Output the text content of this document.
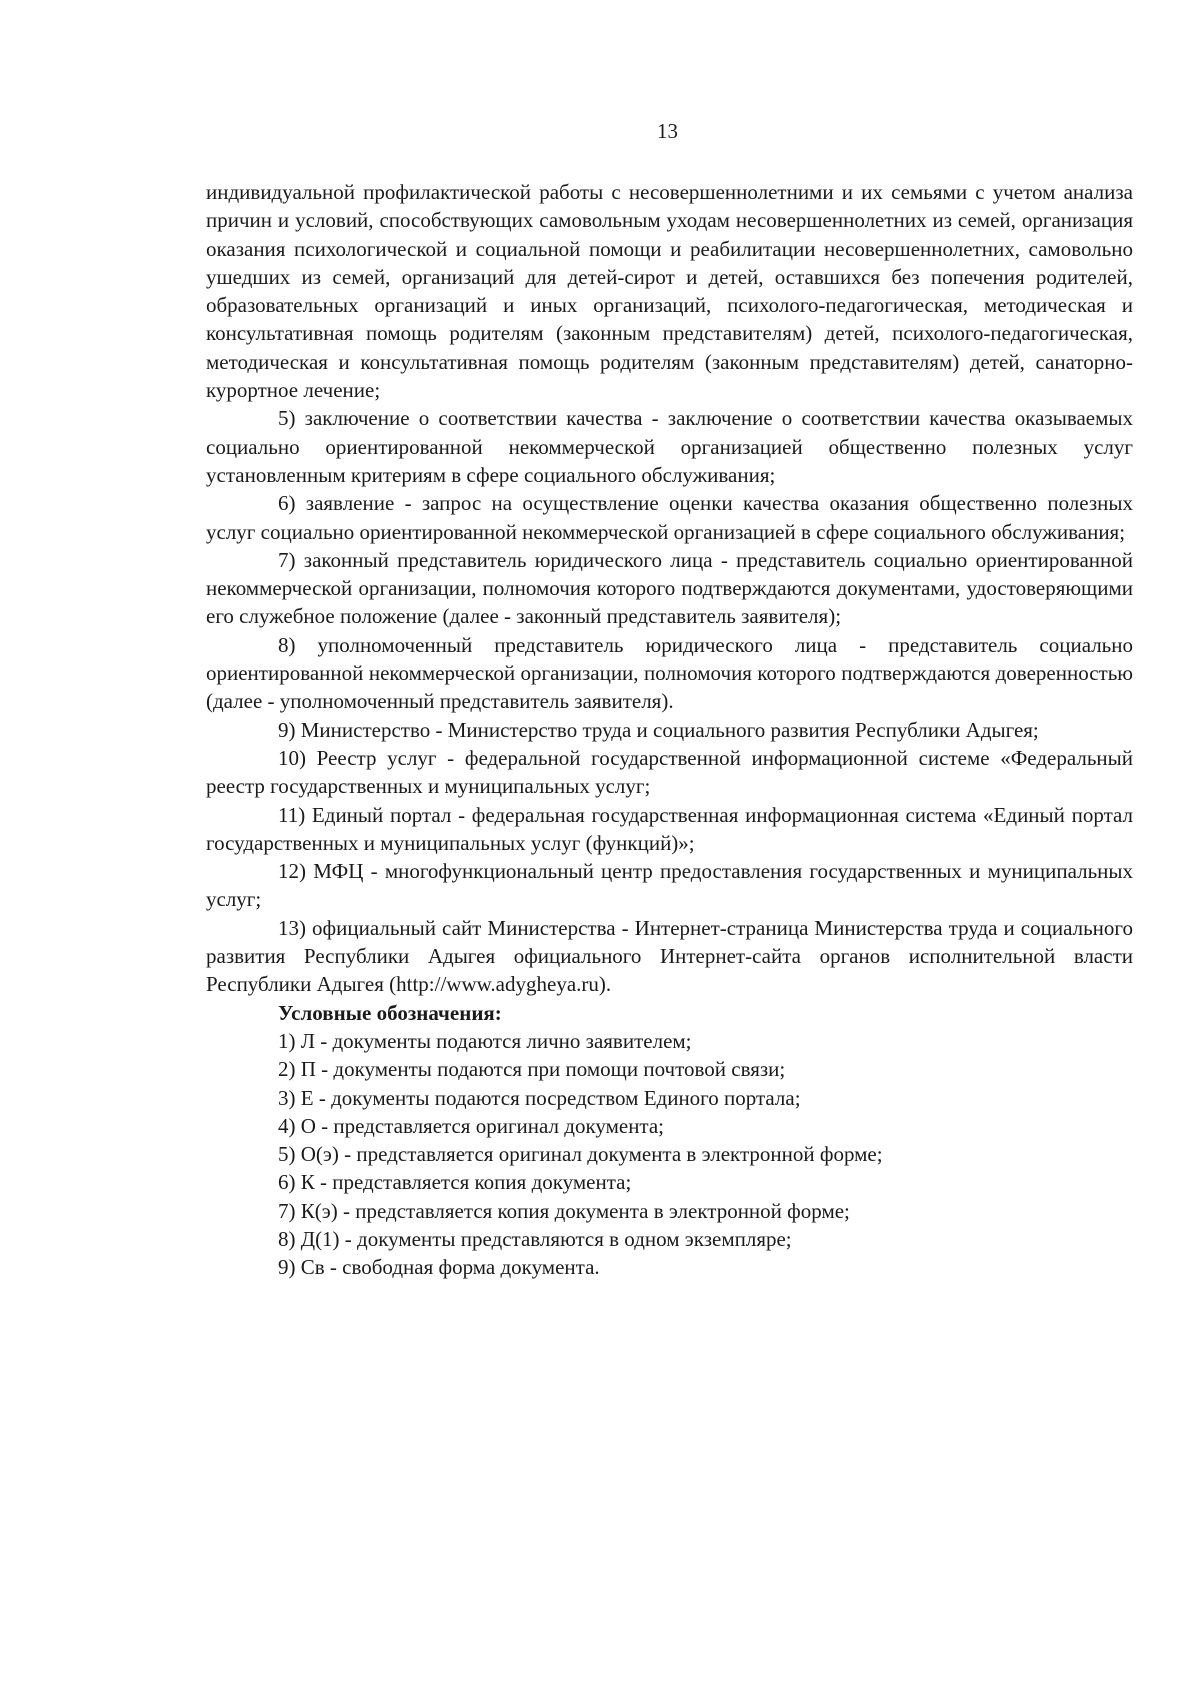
13

индивидуальной профилактической работы с несовершеннолетними и их семьями с учетом анализа причин и условий, способствующих самовольным уходам несовершеннолетних из семей, организация оказания психологической и социальной помощи и реабилитации несовершеннолетних, самовольно ушедших из семей, организаций для детей-сирот и детей, оставшихся без попечения родителей, образовательных организаций и иных организаций, психолого-педагогическая, методическая и консультативная помощь родителям (законным представителям) детей, психолого-педагогическая, методическая и консультативная помощь родителям (законным представителям) детей, санаторно-курортное лечение;

5) заключение о соответствии качества - заключение о соответствии качества оказываемых социально ориентированной некоммерческой организацией общественно полезных услуг установленным критериям в сфере социального обслуживания;

6) заявление - запрос на осуществление оценки качества оказания общественно полезных услуг социально ориентированной некоммерческой организацией в сфере социального обслуживания;

7) законный представитель юридического лица - представитель социально ориентированной некоммерческой организации, полномочия которого подтверждаются документами, удостоверяющими его служебное положение (далее - законный представитель заявителя);

8) уполномоченный представитель юридического лица - представитель социально ориентированной некоммерческой организации, полномочия которого подтверждаются доверенностью (далее - уполномоченный представитель заявителя).

9) Министерство - Министерство труда и социального развития Республики Адыгея;

10) Реестр услуг - федеральной государственной информационной системе «Федеральный реестр государственных и муниципальных услуг;

11) Единый портал - федеральная государственная информационная система «Единый портал государственных и муниципальных услуг (функций)»;

12) МФЦ - многофункциональный центр предоставления государственных и муниципальных услуг;

13) официальный сайт Министерства - Интернет-страница Министерства труда и социального развития Республики Адыгея официального Интернет-сайта органов исполнительной власти Республики Адыгея (http://www.adygheya.ru).

Условные обозначения:

1) Л - документы подаются лично заявителем;
2) П - документы подаются при помощи почтовой связи;
3) Е - документы подаются посредством Единого портала;
4) О - представляется оригинал документа;
5) О(э) - представляется оригинал документа в электронной форме;
6) К - представляется копия документа;
7) К(э) - представляется копия документа в электронной форме;
8) Д(1) - документы представляются в одном экземпляре;
9) Св - свободная форма документа.
